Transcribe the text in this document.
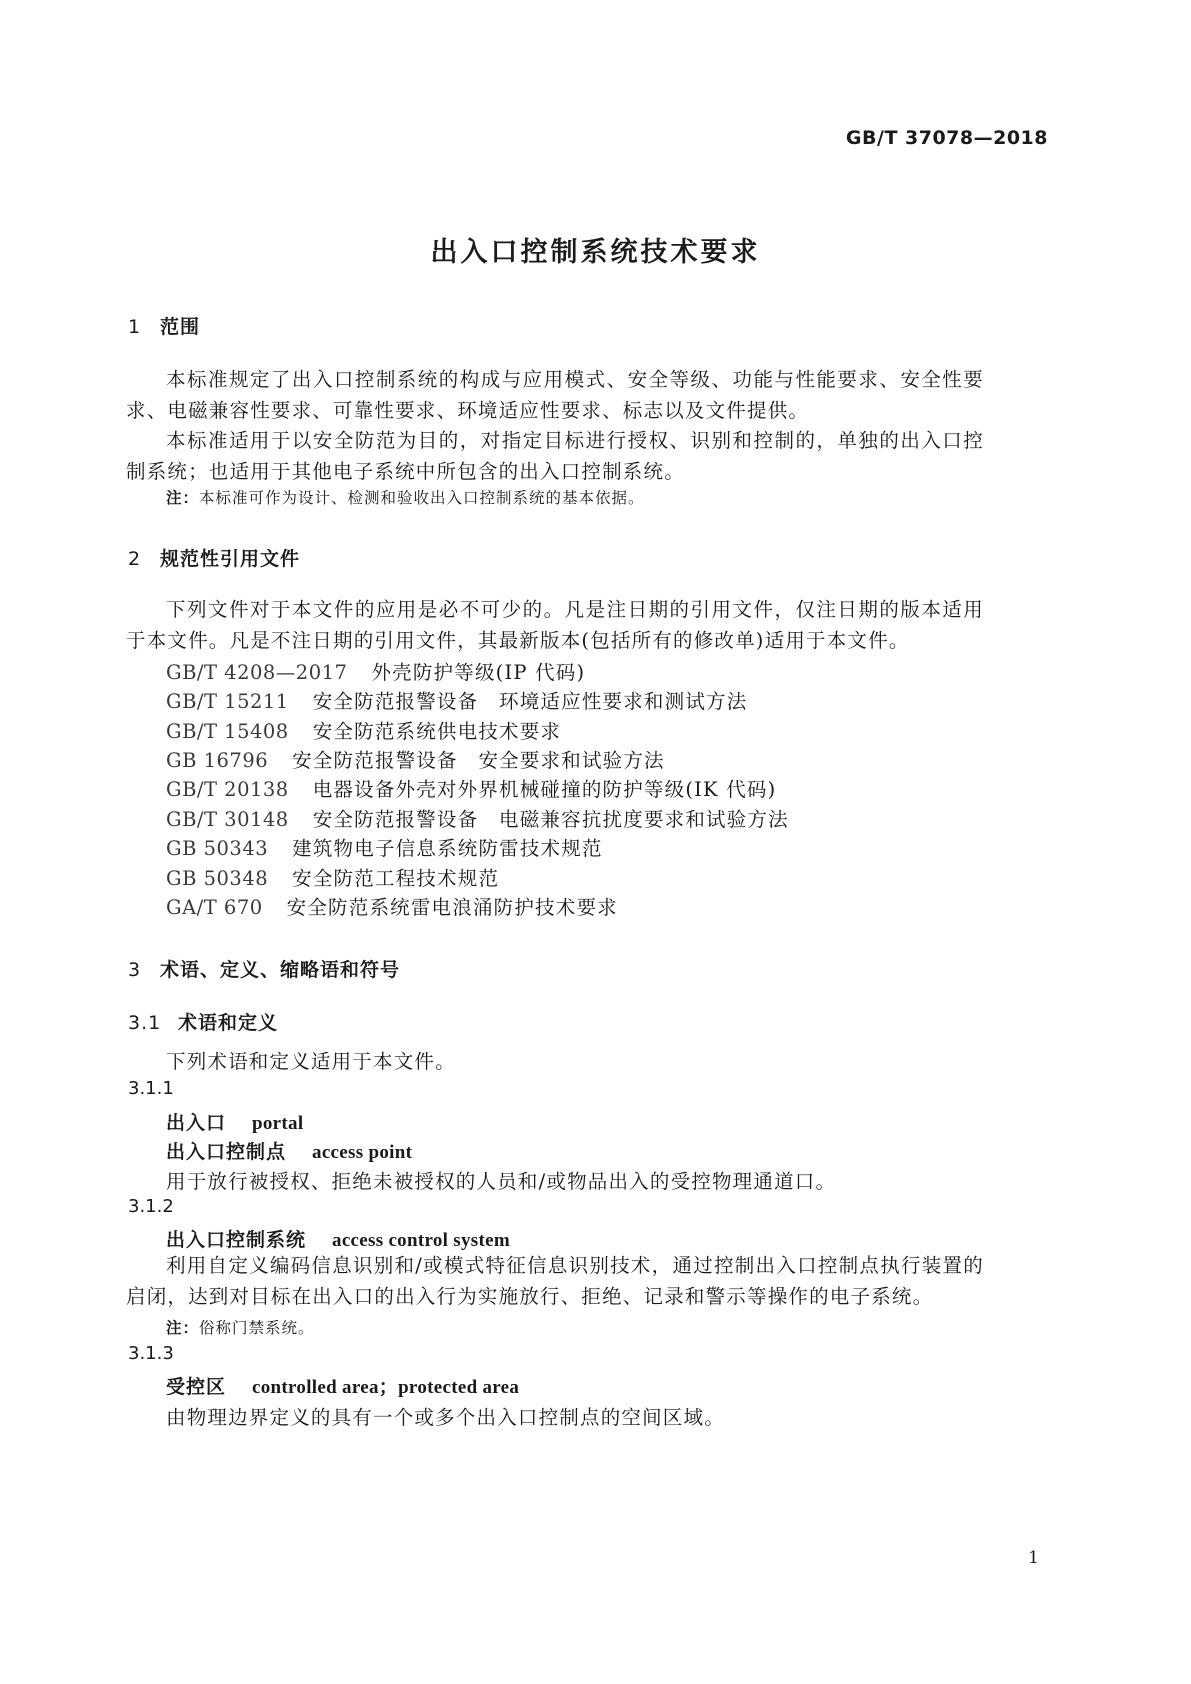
GB/T 37078—2018
出入口控制系统技术要求
1 范围
本标准规定了出入口控制系统的构成与应用模式、安全等级、功能与性能要求、安全性要求、电磁兼容性要求、可靠性要求、环境适应性要求、标志以及文件提供。
本标准适用于以安全防范为目的，对指定目标进行授权、识别和控制的，单独的出入口控制系统；也适用于其他电子系统中所包含的出入口控制系统。
注：本标准可作为设计、检测和验收出入口控制系统的基本依据。
2 规范性引用文件
下列文件对于本文件的应用是必不可少的。凡是注日期的引用文件，仅注日期的版本适用于本文件。凡是不注日期的引用文件，其最新版本(包括所有的修改单)适用于本文件。
GB/T 4208—2017 外壳防护等级(IP 代码)
GB/T 15211 安全防范报警设备　环境适应性要求和测试方法
GB/T 15408 安全防范系统供电技术要求
GB 16796 安全防范报警设备　安全要求和试验方法
GB/T 20138 电器设备外壳对外界机械碰撞的防护等级(IK 代码)
GB/T 30148 安全防范报警设备　电磁兼容抗扰度要求和试验方法
GB 50343 建筑物电子信息系统防雷技术规范
GB 50348 安全防范工程技术规范
GA/T 670 安全防范系统雷电浪涌防护技术要求
3 术语、定义、缩略语和符号
3.1 术语和定义
下列术语和定义适用于本文件。
3.1.1
出入口 portal
出入口控制点 access point
用于放行被授权、拒绝未被授权的人员和/或物品出入的受控物理通道口。
3.1.2
出入口控制系统 access control system
利用自定义编码信息识别和/或模式特征信息识别技术，通过控制出入口控制点执行装置的启闭，达到对目标在出入口的出入行为实施放行、拒绝、记录和警示等操作的电子系统。
注：俗称门禁系统。
3.1.3
受控区 controlled area；protected area
由物理边界定义的具有一个或多个出入口控制点的空间区域。
1
